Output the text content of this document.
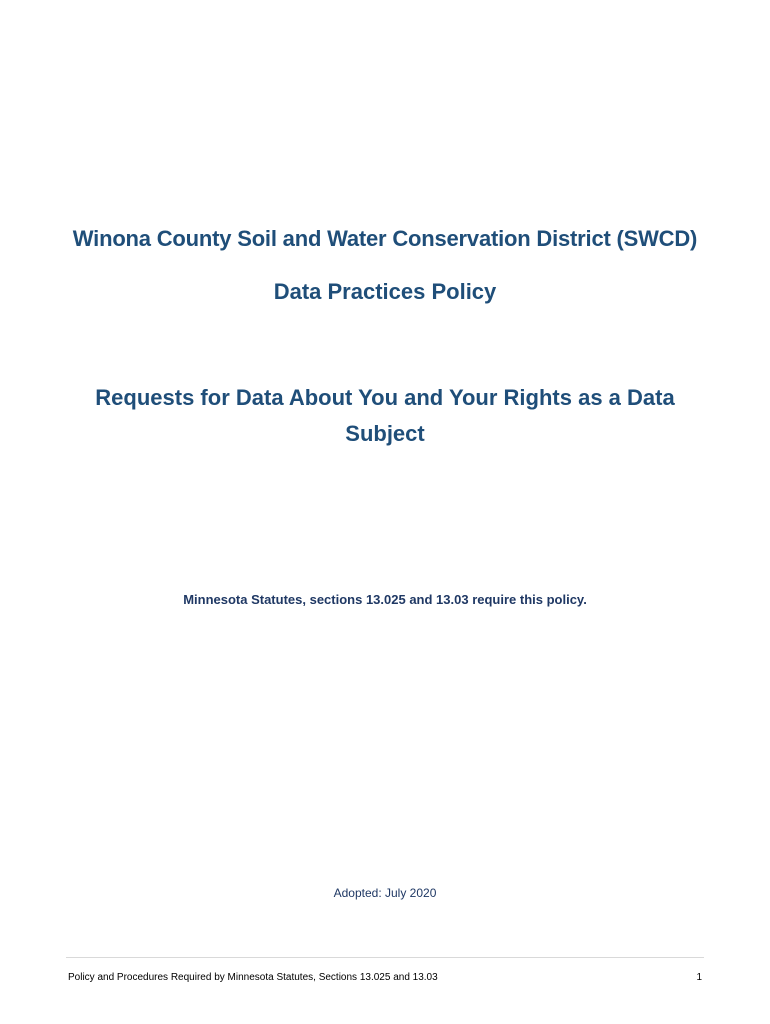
Winona County Soil and Water Conservation District (SWCD)
Data Practices Policy
Requests for Data About You and Your Rights as a Data Subject
Minnesota Statutes, sections 13.025 and 13.03 require this policy.
Adopted: July 2020
Policy and Procedures Required by Minnesota Statutes, Sections 13.025 and 13.03	1
